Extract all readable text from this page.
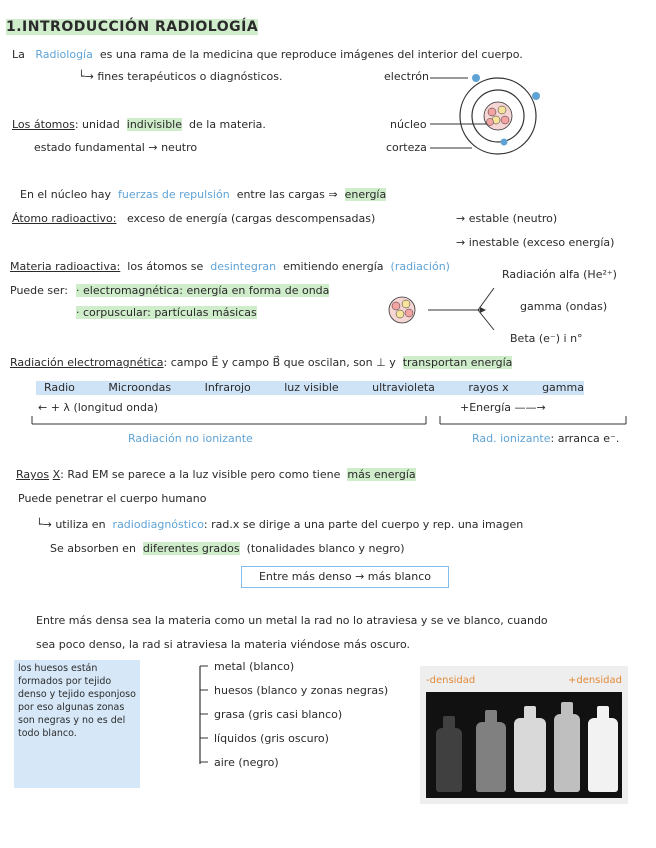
1.INTRODUCCIÓN RADIOLOGÍA
La Radiología es una rama de la medicina que reproduce imágenes del interior del cuerpo.
└→ fines terapéuticos o diagnósticos.	electrón
núcleo
corteza
Los átomos: unidad indivisible de la materia.
estado fundamental → neutro
En el núcleo hay fuerzas de repulsión entre las cargas ⇒ energía
Átomo radioactivo: exceso de energía (cargas descompensadas)	→ estable (neutro)
→ inestable (exceso energía)
Materia radioactiva: los átomos se desintegran emitiendo energía (radiación)
Puede ser: · electromagnética: energía en forma de onda
· corpuscular: partículas másicas
Radiación alfa (He²⁺)
gamma (ondas)
Beta (e⁻) i n°
Radiación electromagnética: campo E⃗ y campo B⃗ que oscilan, son ⊥ y transportan energía
Radio	Microondas	Infrarojo	luz visible	ultravioleta	rayos x	gamma
← + λ (longitud onda)	+Energía ——→
Radiación no ionizante	Rad. ionizante: arranca e⁻.
Rayos X: Rad EM se parece a la luz visible pero como tiene más energía
Puede penetrar el cuerpo humano
└→ utiliza en radiodiagnóstico: rad.x se dirige a una parte del cuerpo y rep. una imagen
Se absorben en diferentes grados (tonalidades blanco y negro)
Entre más denso → más blanco
Entre más densa sea la materia como un metal la rad no lo atraviesa y se ve blanco, cuando
sea poco denso, la rad si atraviesa la materia viéndose más oscuro.
los huesos están formados por tejido denso y tejido esponjoso por eso algunas zonas son negras y no es del todo blanco.
metal (blanco)
huesos (blanco y zonas negras)
grasa (gris casi blanco)
líquidos (gris oscuro)
aire (negro)
-densidad	+densidad
